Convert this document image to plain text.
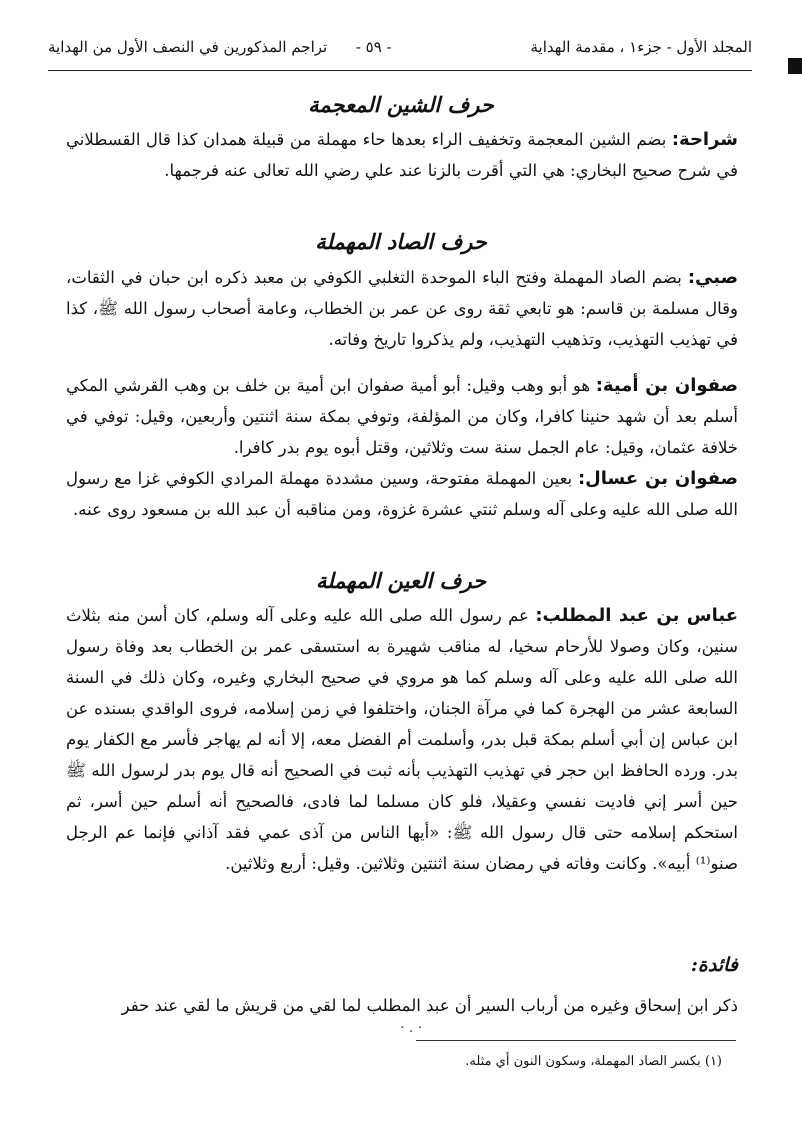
المجلد الأول - جزء١ ، مقدمة الهداية
- ٥٩ -      تراجم المذكورين في النصف الأول من الهداية
حرف الشين المعجمة
شراحة: بضم الشين المعجمة وتخفيف الراء بعدها حاء مهملة من قبيلة همدان كذا قال القسطلاني في شرح صحيح البخاري: هي التي أقرت بالزنا عند علي رضي الله تعالى عنه فرجمها.
حرف الصاد المهملة
صبي: بضم الصاد المهملة وفتح الباء الموحدة التغلبي الكوفي بن معبد ذكره ابن حبان في الثقات، وقال مسلمة بن قاسم: هو تابعي ثقة روى عن عمر بن الخطاب، وعامة أصحاب رسول الله ﷺ، كذا في تهذيب التهذيب، وتذهيب التهذيب، ولم يذكروا تاريخ وفاته.
صفوان بن أمية: هو أبو وهب وقيل: أبو أمية صفوان ابن أمية بن خلف بن وهب القرشي المكي أسلم بعد أن شهد حنينا كافرا، وكان من المؤلفة، وتوفي بمكة سنة اثنتين وأربعين، وقيل: توفي في خلافة عثمان، وقيل: عام الجمل سنة ست وثلاثين، وقتل أبوه يوم بدر كافرا.
صفوان بن عسال: بعين المهملة مفتوحة، وسين مشددة مهملة المرادي الكوفي غزا مع رسول الله صلى الله عليه وعلى آله وسلم ثنتي عشرة غزوة، ومن مناقبه أن عبد الله بن مسعود روى عنه.
حرف العين المهملة
عباس بن عبد المطلب: عم رسول الله صلى الله عليه وعلى آله وسلم، كان أسن منه بثلاث سنين، وكان وصولا للأرحام سخيا، له مناقب شهيرة به استسقى عمر بن الخطاب بعد وفاة رسول الله صلى الله عليه وعلى آله وسلم كما هو مروي في صحيح البخاري وغيره، وكان ذلك في السنة السابعة عشر من الهجرة كما في مرآة الجنان، واختلفوا في زمن إسلامه، فروى الواقدي بسنده عن ابن عباس إن أبي أسلم بمكة قبل بدر، وأسلمت أم الفضل معه، إلا أنه لم يهاجر فأسر مع الكفار يوم بدر. ورده الحافظ ابن حجر في تهذيب التهذيب بأنه ثبت في الصحيح أنه قال يوم بدر لرسول الله ﷺ حين أسر إني فاديت نفسي وعقيلا، فلو كان مسلما لما فادى، فالصحيح أنه أسلم حين أسر، ثم استحكم إسلامه حتى قال رسول الله ﷺ: «أيها الناس من آذى عمي فقد آذاني فإنما عم الرجل صنو⁽¹⁾ أبيه». وكانت وفاته في رمضان سنة اثنتين وثلاثين. وقيل: أربع وثلاثين.
فائدة:
ذكر ابن إسحاق وغيره من أرباب السير أن عبد المطلب لما لقي من قريش ما لقي عند حفر
· . ·
(١) بكسر الصاد المهملة، وسكون النون أي مثله.
